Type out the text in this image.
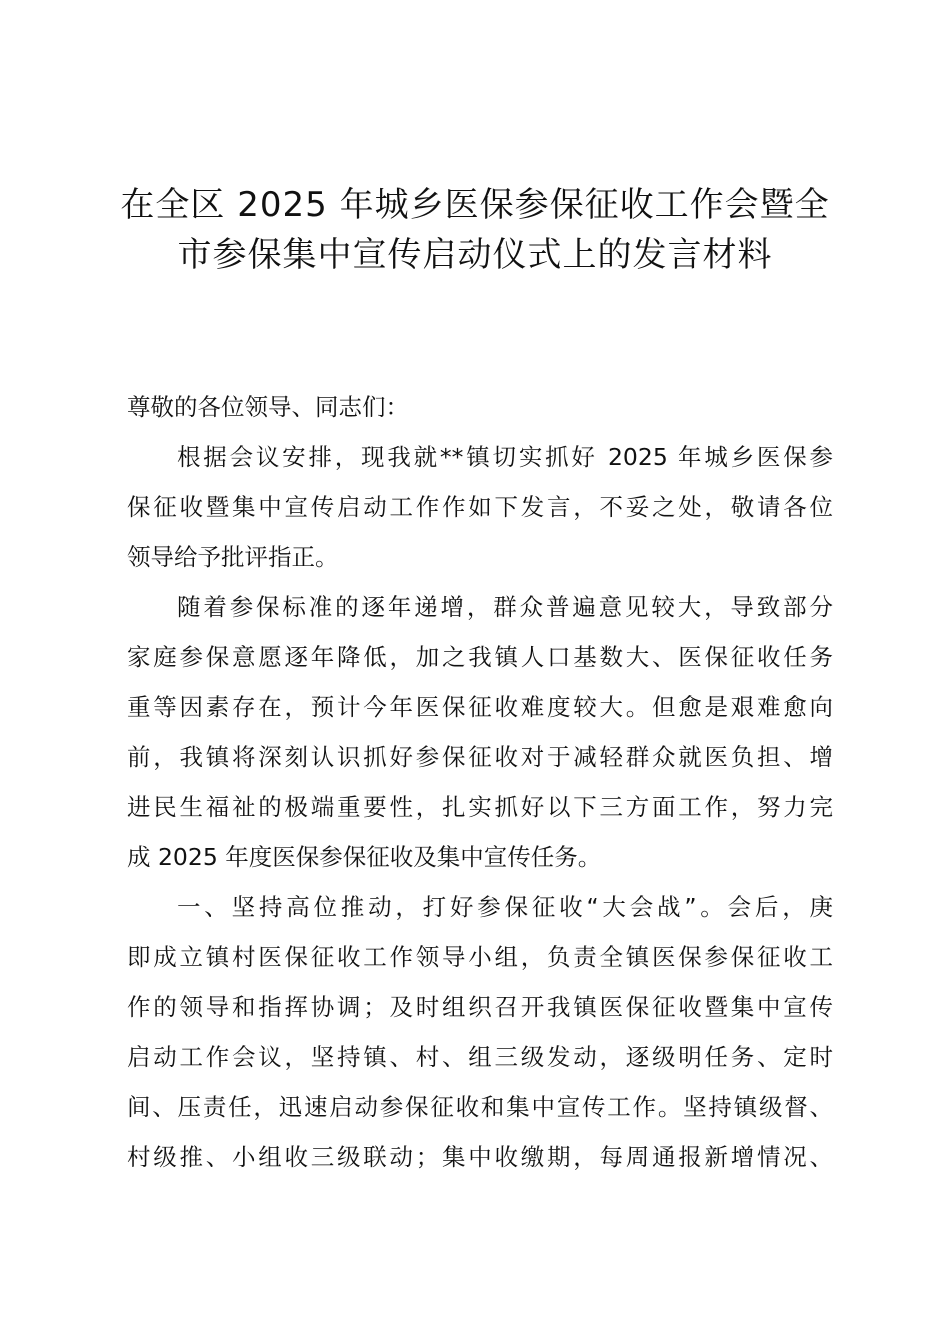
在全区 2025 年城乡医保参保征收工作会暨全
市参保集中宣传启动仪式上的发言材料
尊敬的各位领导、同志们：
根据会议安排，现我就**镇切实抓好 2025 年城乡医保参
保征收暨集中宣传启动工作作如下发言，不妥之处，敬请各位
领导给予批评指正。
随着参保标准的逐年递增，群众普遍意见较大，导致部分
家庭参保意愿逐年降低，加之我镇人口基数大、医保征收任务
重等因素存在，预计今年医保征收难度较大。但愈是艰难愈向
前，我镇将深刻认识抓好参保征收对于减轻群众就医负担、增
进民生福祉的极端重要性，扎实抓好以下三方面工作，努力完
成 2025 年度医保参保征收及集中宣传任务。
一、坚持高位推动，打好参保征收“大会战”。会后，庚
即成立镇村医保征收工作领导小组，负责全镇医保参保征收工
作的领导和指挥协调；及时组织召开我镇医保征收暨集中宣传
启动工作会议，坚持镇、村、组三级发动，逐级明任务、定时
间、压责任，迅速启动参保征收和集中宣传工作。坚持镇级督、
村级推、小组收三级联动；集中收缴期，每周通报新增情况、
